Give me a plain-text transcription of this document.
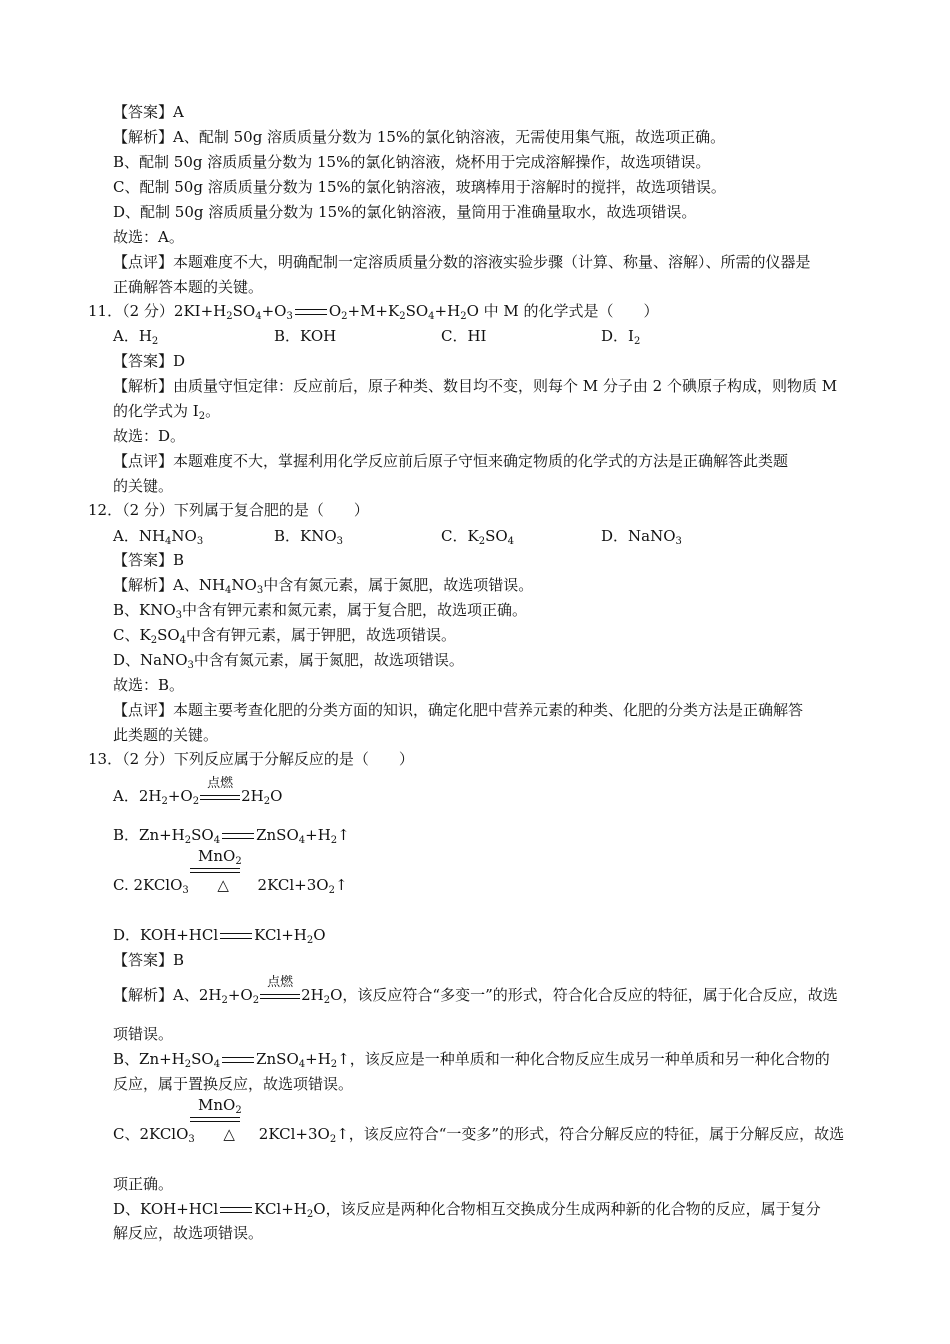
【答案】A
【解析】A、配制 50g 溶质质量分数为 15%的氯化钠溶液，无需使用集气瓶，故选项正确。
B、配制 50g 溶质质量分数为 15%的氯化钠溶液，烧杯用于完成溶解操作，故选项错误。
C、配制 50g 溶质质量分数为 15%的氯化钠溶液，玻璃棒用于溶解时的搅拌，故选项错误。
D、配制 50g 溶质质量分数为 15%的氯化钠溶液，量筒用于准确量取水，故选项错误。
故选：A。
【点评】本题难度不大，明确配制一定溶质质量分数的溶液实验步骤（计算、称量、溶解）、所需的仪器是
正确解答本题的关键。
11．（2 分）$2KI+H_2SO_4+O_3$ $O_2+M+K_2SO_4+H_2O$ 中 M 的化学式是（　　）
A．$H_2$	B．KOH	C．HI	D．$I_2$
【答案】D
【解析】由质量守恒定律：反应前后，原子种类、数目均不变，则每个 M 分子由 2 个碘原子构成，则物质 M
的化学式为 $I_2$。
故选：D。
【点评】本题难度不大，掌握利用化学反应前后原子守恒来确定物质的化学式的方法是正确解答此类题
的关键。
12．（2 分）下列属于复合肥的是（　　）
A．$NH_4NO_3$	B．$KNO_3$	C．$K_2SO_4$	D．NaNO$_3$
【答案】B
【解析】A、$NH_4NO_3$中含有氮元素，属于氮肥，故选项错误。
B、$KNO_3$中含有钾元素和氮元素，属于复合肥，故选项正确。
C、$K_2SO_4$中含有钾元素，属于钾肥，故选项错误。
D、NaNO$_3$中含有氮元素，属于氮肥，故选项错误。
故选：B。
【点评】本题主要考查化肥的分类方面的知识，确定化肥中营养元素的种类、化肥的分类方法是正确解答
此类题的关键。
13．（2 分）下列反应属于分解反应的是（　　）
A．$2H_2+O_2$
点燃
$2H_2O$
B．$Zn+H_2SO_4$ $ZnSO_4+H_2↑$
MnO$_2$
C. 2KClO$_3$ △      $2KCl+3O_2↑$
D．KOH+HCl $KCl+H_2O$
【答案】B
【解析】A、$2H_2+O_2$
点燃
$2H_2O$，该反应符合“多变一”的形式，符合化合反应的特征，属于化合反应，故选
项错误。
B、$Zn+H_2SO_4$ $ZnSO_4+H_2↑$，该反应是一种单质和一种化合物反应生成另一种单质和另一种化合物的
反应，属于置换反应，故选项错误。
MnO$_2$
C、2KClO$_3$ △     $2KCl+3O_2↑$，该反应符合“一变多”的形式，符合分解反应的特征，属于分解反应，故选
项正确。
D、KOH+HCl $KCl+H_2O$，该反应是两种化合物相互交换成分生成两种新的化合物的反应，属于复分
解反应，故选项错误。
